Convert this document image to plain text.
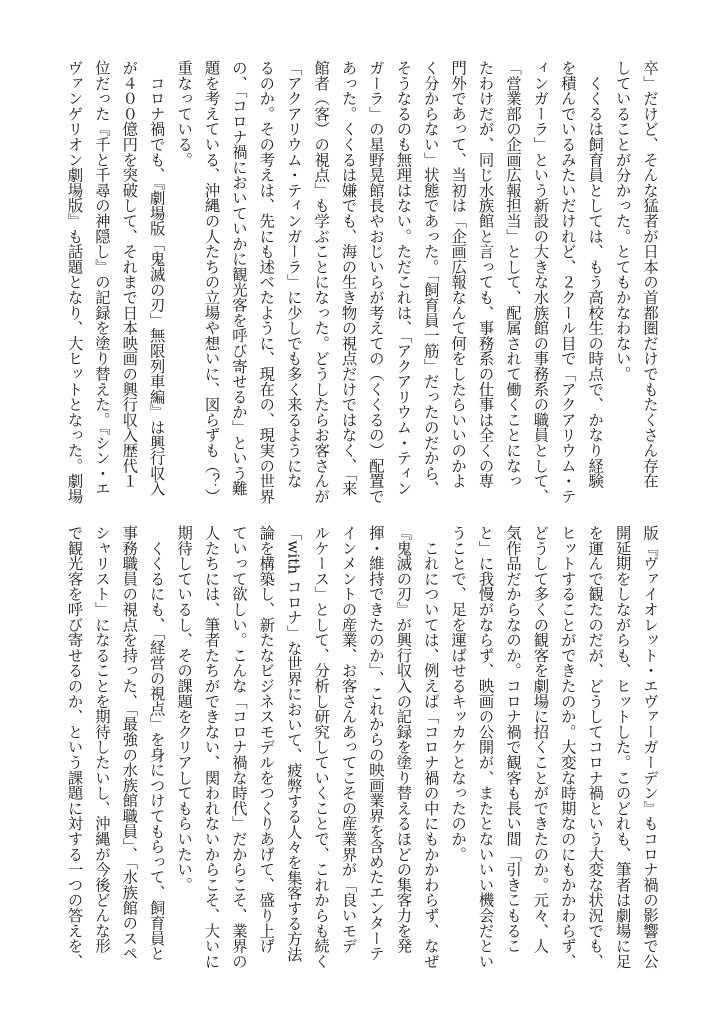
卒」だけど、そんな猛者が日本の首都圏だけでもたくさん存在
していることが分かった。とてもかなわない。
　くくるは飼育員としては、もう高校生の時点で、かなり経験
を積んでいるみたいだけれど、２クール目で「アクアリウム・テ
ィンガーラ」という新設の大きな水族館の事務系の職員として、
「営業部の企画広報担当」として、配属されて働くことになっ
たわけだが、同じ水族館と言っても、事務系の仕事は全くの専
門外であって、当初は「企画広報なんて何をしたらいいのかよ
く分からない」状態であった。「飼育員一筋」だったのだから、
そうなるのも無理はない。ただこれは、「アクアリウム・ティン
ガーラ」の星野晃館長やおじいらが考えての（くくるの）配置で
あった。くくるは嫌でも、海の生き物の視点だけではなく、「来
館者（客）の視点」も学ぶことになった。どうしたらお客さんが
「アクアリウム・ティンガーラ」に少しでも多く来るようにな
るのか。その考えは、先にも述べたように、現在の、現実の世界
の、「コロナ禍においていかに観光客を呼び寄せるか」という難
題を考えている、沖縄の人たちの立場や想いに、図らずも（？）
重なっている。
　コロナ禍でも、『劇場版「鬼滅の刃」無限列車編』は興行収入
が４００億円を突破して、それまで日本映画の興行収入歴代１
位だった『千と千尋の神隠し』の記録を塗り替えた。『シン・エ
ヴァンゲリオン劇場版』も話題となり、大ヒットとなった。劇場
版『ヴァイオレット・エヴァーガーデン』もコロナ禍の影響で公
開延期をしながらも、ヒットした。このどれも、筆者は劇場に足
を運んで観たのだが、どうしてコロナ禍という大変な状況でも、
ヒットすることができたのか。大変な時期なのにもかかわらず、
どうして多くの観客を劇場に招くことができたのか。元々、人
気作品だからなのか。コロナ禍で観客も長い間「引きこもるこ
と」に我慢がならず、映画の公開が、またとないいい機会だとい
うことで、足を運ばせるキッカケとなったのか。
　これについては、例えば「コロナ禍の中にもかかわらず、なぜ
『鬼滅の刃』が興行収入の記録を塗り替えるほどの集客力を発
揮・維持できたのか」、これからの映画業界を含めたエンターテ
インメントの産業、お客さんあってこその産業界が「良いモデ
ルケース」として、分析し研究していくことで、これからも続く
「with コロナ」な世界において、疲弊する人々を集客する方法
論を構築し、新たなビジネスモデルをつくりあげて、盛り上げ
ていって欲しい。こんな「コロナ禍な時代」だからこそ、業界の
人たちには、筆者たちができない、関われないからこそ、大いに
期待しているし、その課題をクリアしてもらいたい。
　くくるにも、「経営の視点」を身につけてもらって、飼育員と
事務職員の視点を持った、「最強の水族館職員」、「水族館のスペ
シャリスト」になることを期待したいし、沖縄が今後どんな形
で観光客を呼び寄せるのか、という課題に対する一つの答えを、
